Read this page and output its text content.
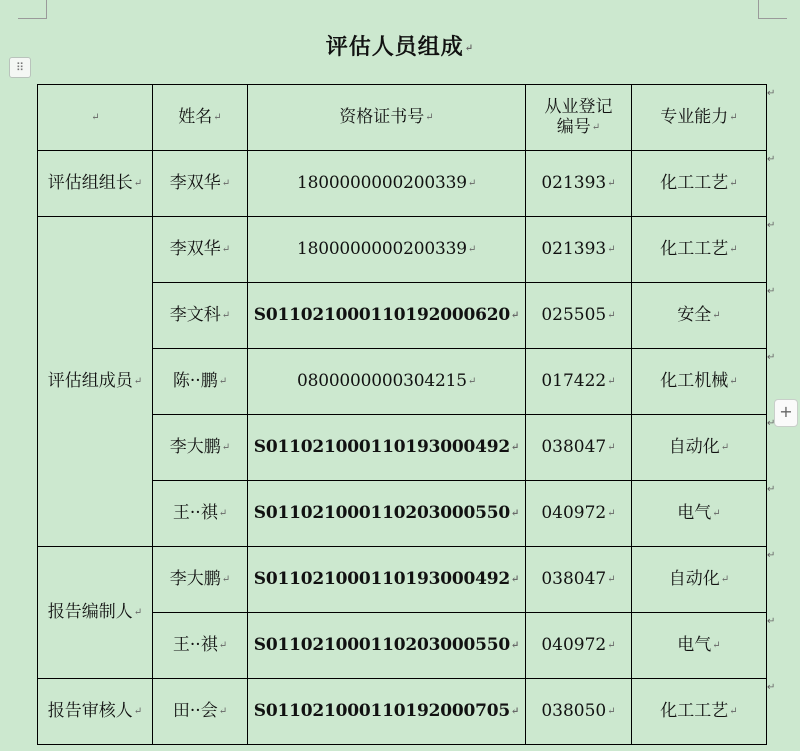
⠿
+
评估人员组成↵
↵	姓名↵	资格证书号↵	从业登记
编号↵	专业能力↵
评估组组长↵	李双华↵	1800000000200339↵	021393↵	化工工艺↵
评估组成员↵	李双华↵	1800000000200339↵	021393↵	化工工艺↵
	李文科↵	S011021000110192000620↵	025505↵	安全↵
	陈··鹏↵	0800000000304215↵	017422↵	化工机械↵
	李大鹏↵	S011021000110193000492↵	038047↵	自动化↵
	王··祺↵	S011021000110203000550↵	040972↵	电气↵
报告编制人↵	李大鹏↵	S011021000110193000492↵	038047↵	自动化↵
	王··祺↵	S011021000110203000550↵	040972↵	电气↵
报告审核人↵	田··会↵	S011021000110192000705↵	038050↵	化工工艺↵
↵
↵
↵
↵
↵
↵
↵
↵
↵
↵
